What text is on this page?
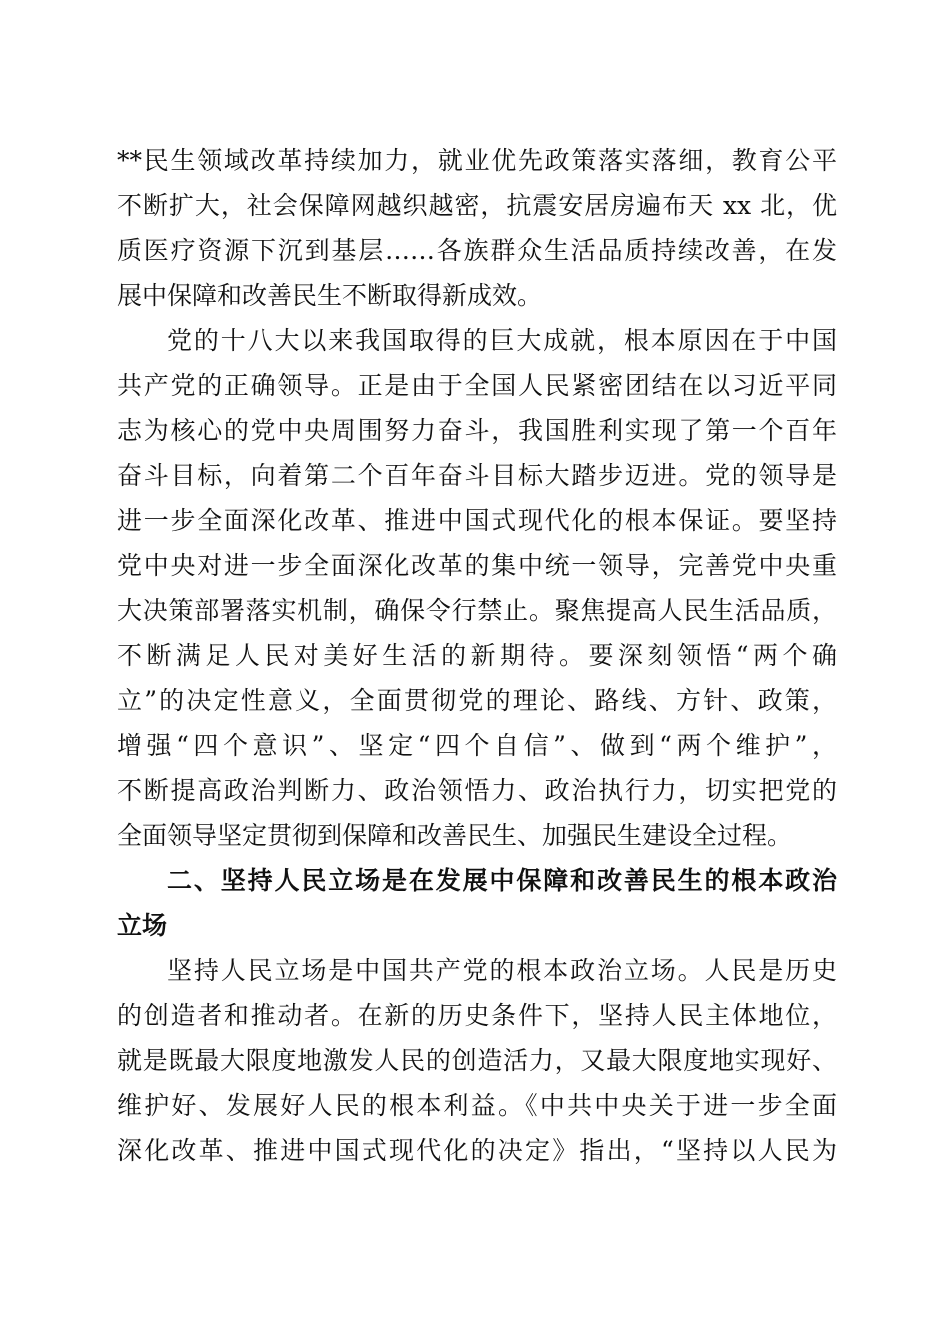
**民生领域改革持续加力，就业优先政策落实落细，教育公平
不断扩大，社会保障网越织越密，抗震安居房遍布天 xx 北，优
质医疗资源下沉到基层……各族群众生活品质持续改善，在发
展中保障和改善民生不断取得新成效。
党的十八大以来我国取得的巨大成就，根本原因在于中国
共产党的正确领导。正是由于全国人民紧密团结在以习近平同
志为核心的党中央周围努力奋斗，我国胜利实现了第一个百年
奋斗目标，向着第二个百年奋斗目标大踏步迈进。党的领导是
进一步全面深化改革、推进中国式现代化的根本保证。要坚持
党中央对进一步全面深化改革的集中统一领导，完善党中央重
大决策部署落实机制，确保令行禁止。聚焦提高人民生活品质，
不断满足人民对美好生活的新期待。要深刻领悟“两个确
立”的决定性意义，全面贯彻党的理论、路线、方针、政策，
增强“四个意识”、坚定“四个自信”、做到“两个维护”，
不断提高政治判断力、政治领悟力、政治执行力，切实把党的
全面领导坚定贯彻到保障和改善民生、加强民生建设全过程。
二、坚持人民立场是在发展中保障和改善民生的根本政治
立场
坚持人民立场是中国共产党的根本政治立场。人民是历史
的创造者和推动者。在新的历史条件下，坚持人民主体地位，
就是既最大限度地激发人民的创造活力，又最大限度地实现好、
维护好、发展好人民的根本利益。《中共中央关于进一步全面
深化改革、推进中国式现代化的决定》指出，“坚持以人民为
